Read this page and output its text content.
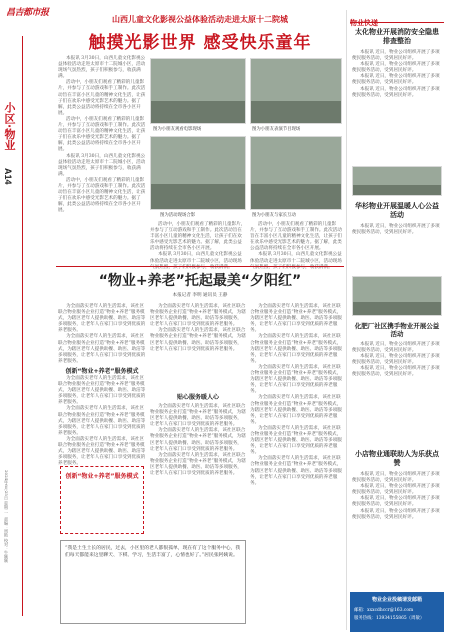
昌吉都市报
小区·物业
A14
2024年6月25日 星期二
责编：周艳 校对：牛颖颖
山西儿童文化影视公益体验活动走进太原十二院城
触摸光影世界 感受快乐童年

本报讯 3月30日，山西儿童文化影视公益体验活动走进太原市十二院城小区，活动现场气氛热烈，孩子们积极参与，收获满满。

活动中，小朋友们观看了精彩的儿童影片，并参与了互动游戏和手工制作。此次活动旨在丰富小区儿童的精神文化生活，让孩子们在欢乐中感受光影艺术的魅力。据了解，此类公益活动将持续在全市各小区开展。

活动中，小朋友们观看了精彩的儿童影片，并参与了互动游戏和手工制作。此次活动旨在丰富小区儿童的精神文化生活，让孩子们在欢乐中感受光影艺术的魅力。据了解，此类公益活动将持续在全市各小区开展。

本报讯 3月30日，山西儿童文化影视公益体验活动走进太原市十二院城小区，活动现场气氛热烈，孩子们积极参与，收获满满。

活动中，小朋友们观看了精彩的儿童影片，并参与了互动游戏和手工制作。此次活动旨在丰富小区儿童的精神文化生活，让孩子们在欢乐中感受光影艺术的魅力。据了解，此类公益活动将持续在全市各小区开展。

图为小朋友观看电影现场	图为小朋友表演节目现场
图为活动现场合影	图为小朋友与家长互动

活动中，小朋友们观看了精彩的儿童影片，并参与了互动游戏和手工制作。此次活动旨在丰富小区儿童的精神文化生活，让孩子们在欢乐中感受光影艺术的魅力。据了解，此类公益活动将持续在全市各小区开展。

本报讯 3月30日，山西儿童文化影视公益体验活动走进太原市十二院城小区，活动现场气氛热烈，孩子们积极参与，收获满满。

活动中，小朋友们观看了精彩的儿童影片，并参与了互动游戏和手工制作。此次活动旨在丰富小区儿童的精神文化生活，让孩子们在欢乐中感受光影艺术的魅力。据了解，此类公益活动将持续在全市各小区开展。

本报讯 3月30日，山西儿童文化影视公益体验活动走进太原市十二院城小区，活动现场气氛热烈，孩子们积极参与，收获满满。

“物业+养老”托起最美“夕阳红”
本报记者 李明 通讯员 王静

为全面落实老年人的生活需求，该社区联合物业服务企业打造“物业+养老”服务模式，为辖区老年人提供助餐、助医、助洁等多项服务，让老年人在家门口享受到优质的养老服务。

为全面落实老年人的生活需求，该社区联合物业服务企业打造“物业+养老”服务模式，为辖区老年人提供助餐、助医、助洁等多项服务，让老年人在家门口享受到优质的养老服务。

创新“物业+养老”服务模式

为全面落实老年人的生活需求，该社区联合物业服务企业打造“物业+养老”服务模式，为辖区老年人提供助餐、助医、助洁等多项服务，让老年人在家门口享受到优质的养老服务。

为全面落实老年人的生活需求，该社区联合物业服务企业打造“物业+养老”服务模式，为辖区老年人提供助餐、助医、助洁等多项服务，让老年人在家门口享受到优质的养老服务。

为全面落实老年人的生活需求，该社区联合物业服务企业打造“物业+养老”服务模式，为辖区老年人提供助餐、助医、助洁等多项服务，让老年人在家门口享受到优质的养老服务。

为全面落实老年人的生活需求，该社区联合物业服务企业打造“物业+养老”服务模式，为辖区老年人提供助餐、助医、助洁等多项服务，让老年人在家门口享受到优质的养老服务。

为全面落实老年人的生活需求，该社区联合物业服务企业打造“物业+养老”服务模式，为辖区老年人提供助餐、助医、助洁等多项服务，让老年人在家门口享受到优质的养老服务。

贴心服务暖人心

为全面落实老年人的生活需求，该社区联合物业服务企业打造“物业+养老”服务模式，为辖区老年人提供助餐、助医、助洁等多项服务，让老年人在家门口享受到优质的养老服务。

为全面落实老年人的生活需求，该社区联合物业服务企业打造“物业+养老”服务模式，为辖区老年人提供助餐、助医、助洁等多项服务，让老年人在家门口享受到优质的养老服务。

为全面落实老年人的生活需求，该社区联合物业服务企业打造“物业+养老”服务模式，为辖区老年人提供助餐、助医、助洁等多项服务，让老年人在家门口享受到优质的养老服务。

为全面落实老年人的生活需求，该社区联合物业服务企业打造“物业+养老”服务模式，为辖区老年人提供助餐、助医、助洁等多项服务，让老年人在家门口享受到优质的养老服务。

为全面落实老年人的生活需求，该社区联合物业服务企业打造“物业+养老”服务模式，为辖区老年人提供助餐、助医、助洁等多项服务，让老年人在家门口享受到优质的养老服务。

为全面落实老年人的生活需求，该社区联合物业服务企业打造“物业+养老”服务模式，为辖区老年人提供助餐、助医、助洁等多项服务，让老年人在家门口享受到优质的养老服务。

为全面落实老年人的生活需求，该社区联合物业服务企业打造“物业+养老”服务模式，为辖区老年人提供助餐、助医、助洁等多项服务，让老年人在家门口享受到优质的养老服务。

为全面落实老年人的生活需求，该社区联合物业服务企业打造“物业+养老”服务模式，为辖区老年人提供助餐、助医、助洁等多项服务，让老年人在家门口享受到优质的养老服务。

为全面落实老年人的生活需求，该社区联合物业服务企业打造“物业+养老”服务模式，为辖区老年人提供助餐、助医、助洁等多项服务，让老年人在家门口享受到优质的养老服务。

创新“物业+养老”服务模式
“我是土生土长的居民，过去，小区里的老人都很孤单，现在有了这个服务中心，我们每天都能来这里聊天、下棋、学习，生活丰富了，心情也好了。”居民张阿姨说。
物业快递
太化物业开展消防安全隐患排查整治

本报讯 近日，物业公司组织开展了多项便民服务活动，受到居民好评。

本报讯 近日，物业公司组织开展了多项便民服务活动，受到居民好评。

本报讯 近日，物业公司组织开展了多项便民服务活动，受到居民好评。

本报讯 近日，物业公司组织开展了多项便民服务活动，受到居民好评。

华杉物业开展温暖人心公益活动

本报讯 近日，物业公司组织开展了多项便民服务活动，受到居民好评。

化肥厂社区携手物业开展公益活动

本报讯 近日，物业公司组织开展了多项便民服务活动，受到居民好评。

本报讯 近日，物业公司组织开展了多项便民服务活动，受到居民好评。

本报讯 近日，物业公司组织开展了多项便民服务活动，受到居民好评。

小店物业通联助人为乐获点赞

本报讯 近日，物业公司组织开展了多项便民服务活动，受到居民好评。

本报讯 近日，物业公司组织开展了多项便民服务活动，受到居民好评。

本报讯 近日，物业公司组织开展了多项便民服务活动，受到居民好评。

本报讯 近日，物业公司组织开展了多项便民服务活动，受到居民好评。

物业企业投稿请发邮箱
邮箱：xxxcdhccr@163.com
服务热线：13934155865（周敏）
